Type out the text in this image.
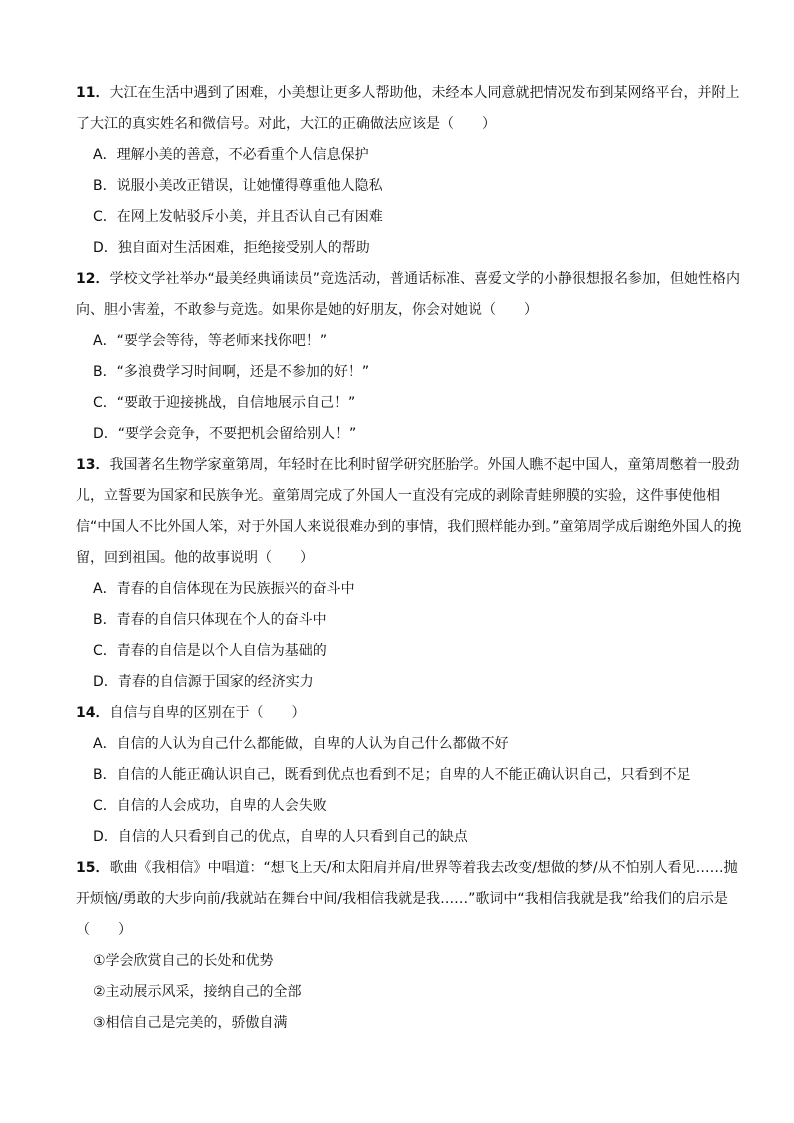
11．大江在生活中遇到了困难，小美想让更多人帮助他，未经本人同意就把情况发布到某网络平台，并附上了大江的真实姓名和微信号。对此，大江的正确做法应该是（　　）

A．理解小美的善意，不必看重个人信息保护

B．说服小美改正错误，让她懂得尊重他人隐私

C．在网上发帖驳斥小美，并且否认自己有困难

D．独自面对生活困难，拒绝接受别人的帮助

12．学校文学社举办“最美经典诵读员”竞选活动，普通话标准、喜爱文学的小静很想报名参加，但她性格内向、胆小害羞，不敢参与竞选。如果你是她的好朋友，你会对她说（　　）

A．“要学会等待，等老师来找你吧！”

B．“多浪费学习时间啊，还是不参加的好！”

C．“要敢于迎接挑战，自信地展示自己！”

D．“要学会竞争，不要把机会留给别人！”

13．我国著名生物学家童第周，年轻时在比利时留学研究胚胎学。外国人瞧不起中国人，童第周憋着一股劲儿，立誓要为国家和民族争光。童第周完成了外国人一直没有完成的剥除青蛙卵膜的实验，这件事使他相信“中国人不比外国人笨，对于外国人来说很难办到的事情，我们照样能办到。”童第周学成后谢绝外国人的挽留，回到祖国。他的故事说明（　　）

A．青春的自信体现在为民族振兴的奋斗中

B．青春的自信只体现在个人的奋斗中

C．青春的自信是以个人自信为基础的

D．青春的自信源于国家的经济实力

14．自信与自卑的区别在于（　　）

A．自信的人认为自己什么都能做，自卑的人认为自己什么都做不好

B．自信的人能正确认识自己，既看到优点也看到不足；自卑的人不能正确认识自己，只看到不足

C．自信的人会成功，自卑的人会失败

D．自信的人只看到自己的优点，自卑的人只看到自己的缺点

15．歌曲《我相信》中唱道：“想飞上天/和太阳肩并肩/世界等着我去改变/想做的梦/从不怕别人看见……抛开烦恼/勇敢的大步向前/我就站在舞台中间/我相信我就是我……”歌词中“我相信我就是我”给我们的启示是（　　）

①学会欣赏自己的长处和优势

②主动展示风采，接纳自己的全部

③相信自己是完美的，骄傲自满
